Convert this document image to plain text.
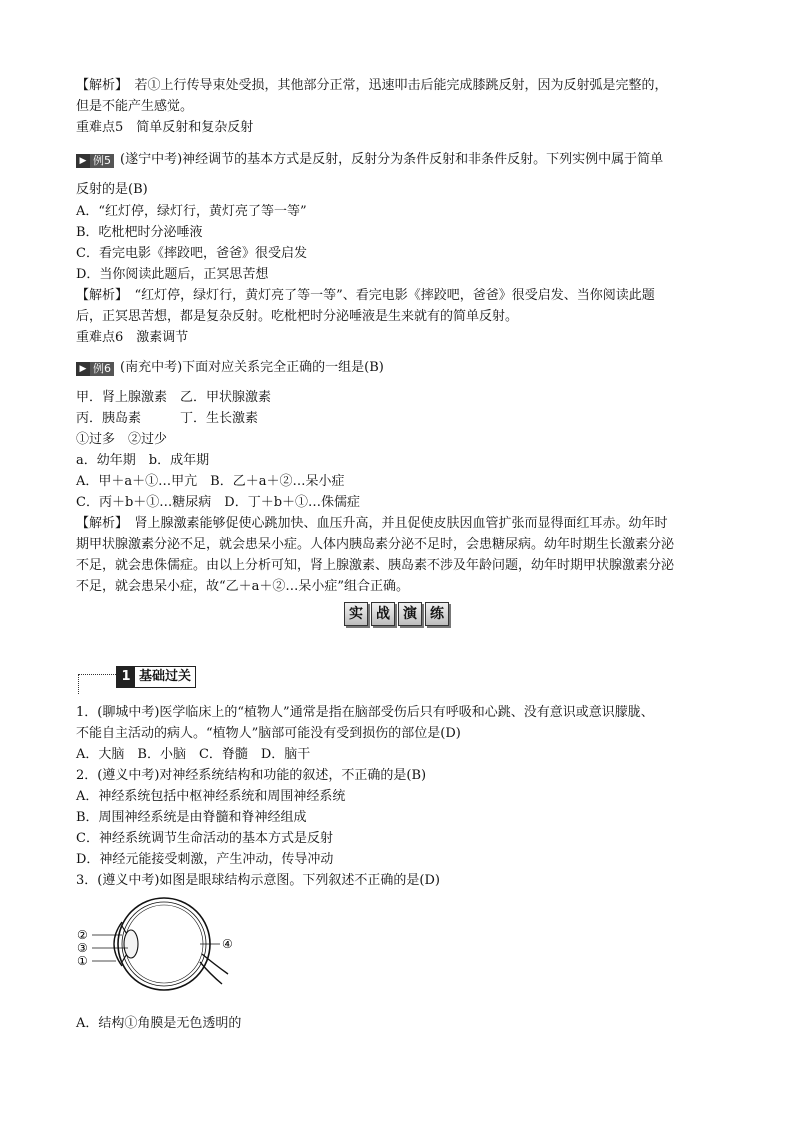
【解析】　若①上行传导束处受损，其他部分正常，迅速叩击后能完成膝跳反射，因为反射弧是完整的，
但是不能产生感觉。
重难点5　简单反射和复杂反射
▶ 例5 (遂宁中考)神经调节的基本方式是反射，反射分为条件反射和非条件反射。下列实例中属于简单
反射的是(B)
A．“红灯停，绿灯行，黄灯亮了等一等”
B．吃枇杷时分泌唾液
C．看完电影《摔跤吧，爸爸》很受启发
D．当你阅读此题后，正冥思苦想
【解析】　“红灯停，绿灯行，黄灯亮了等一等”、看完电影《摔跤吧，爸爸》很受启发、当你阅读此题
后，正冥思苦想，都是复杂反射。吃枇杷时分泌唾液是生来就有的简单反射。
重难点6　激素调节
▶ 例6 (南充中考)下面对应关系完全正确的一组是(B)
甲．肾上腺激素　乙．甲状腺激素
丙．胰岛素　　　丁．生长激素
①过多　②过少
a．幼年期　b．成年期
A．甲＋a＋①…甲亢　B．乙＋a＋②…呆小症
C．丙＋b＋①…糖尿病　D．丁＋b＋①…侏儒症
【解析】　肾上腺激素能够促使心跳加快、血压升高，并且促使皮肤因血管扩张而显得面红耳赤。幼年时
期甲状腺激素分泌不足，就会患呆小症。人体内胰岛素分泌不足时，会患糖尿病。幼年时期生长激素分泌
不足，就会患侏儒症。由以上分析可知，肾上腺激素、胰岛素不涉及年龄问题，幼年时期甲状腺激素分泌
不足，就会患呆小症，故“乙＋a＋②…呆小症”组合正确。
实 战 演 练
1 基础过关
1．(聊城中考)医学临床上的“植物人”通常是指在脑部受伤后只有呼吸和心跳、没有意识或意识朦胧、
不能自主活动的病人。“植物人”脑部可能没有受到损伤的部位是(D)
A．大脑　B．小脑　C．脊髓　D．脑干
2．(遵义中考)对神经系统结构和功能的叙述，不正确的是(B)
A．神经系统包括中枢神经系统和周围神经系统
B．周围神经系统是由脊髓和脊神经组成
C．神经系统调节生命活动的基本方式是反射
D．神经元能接受刺激，产生冲动，传导冲动
3．(遵义中考)如图是眼球结构示意图。下列叙述不正确的是(D)
②
③
①
④
A．结构①角膜是无色透明的
